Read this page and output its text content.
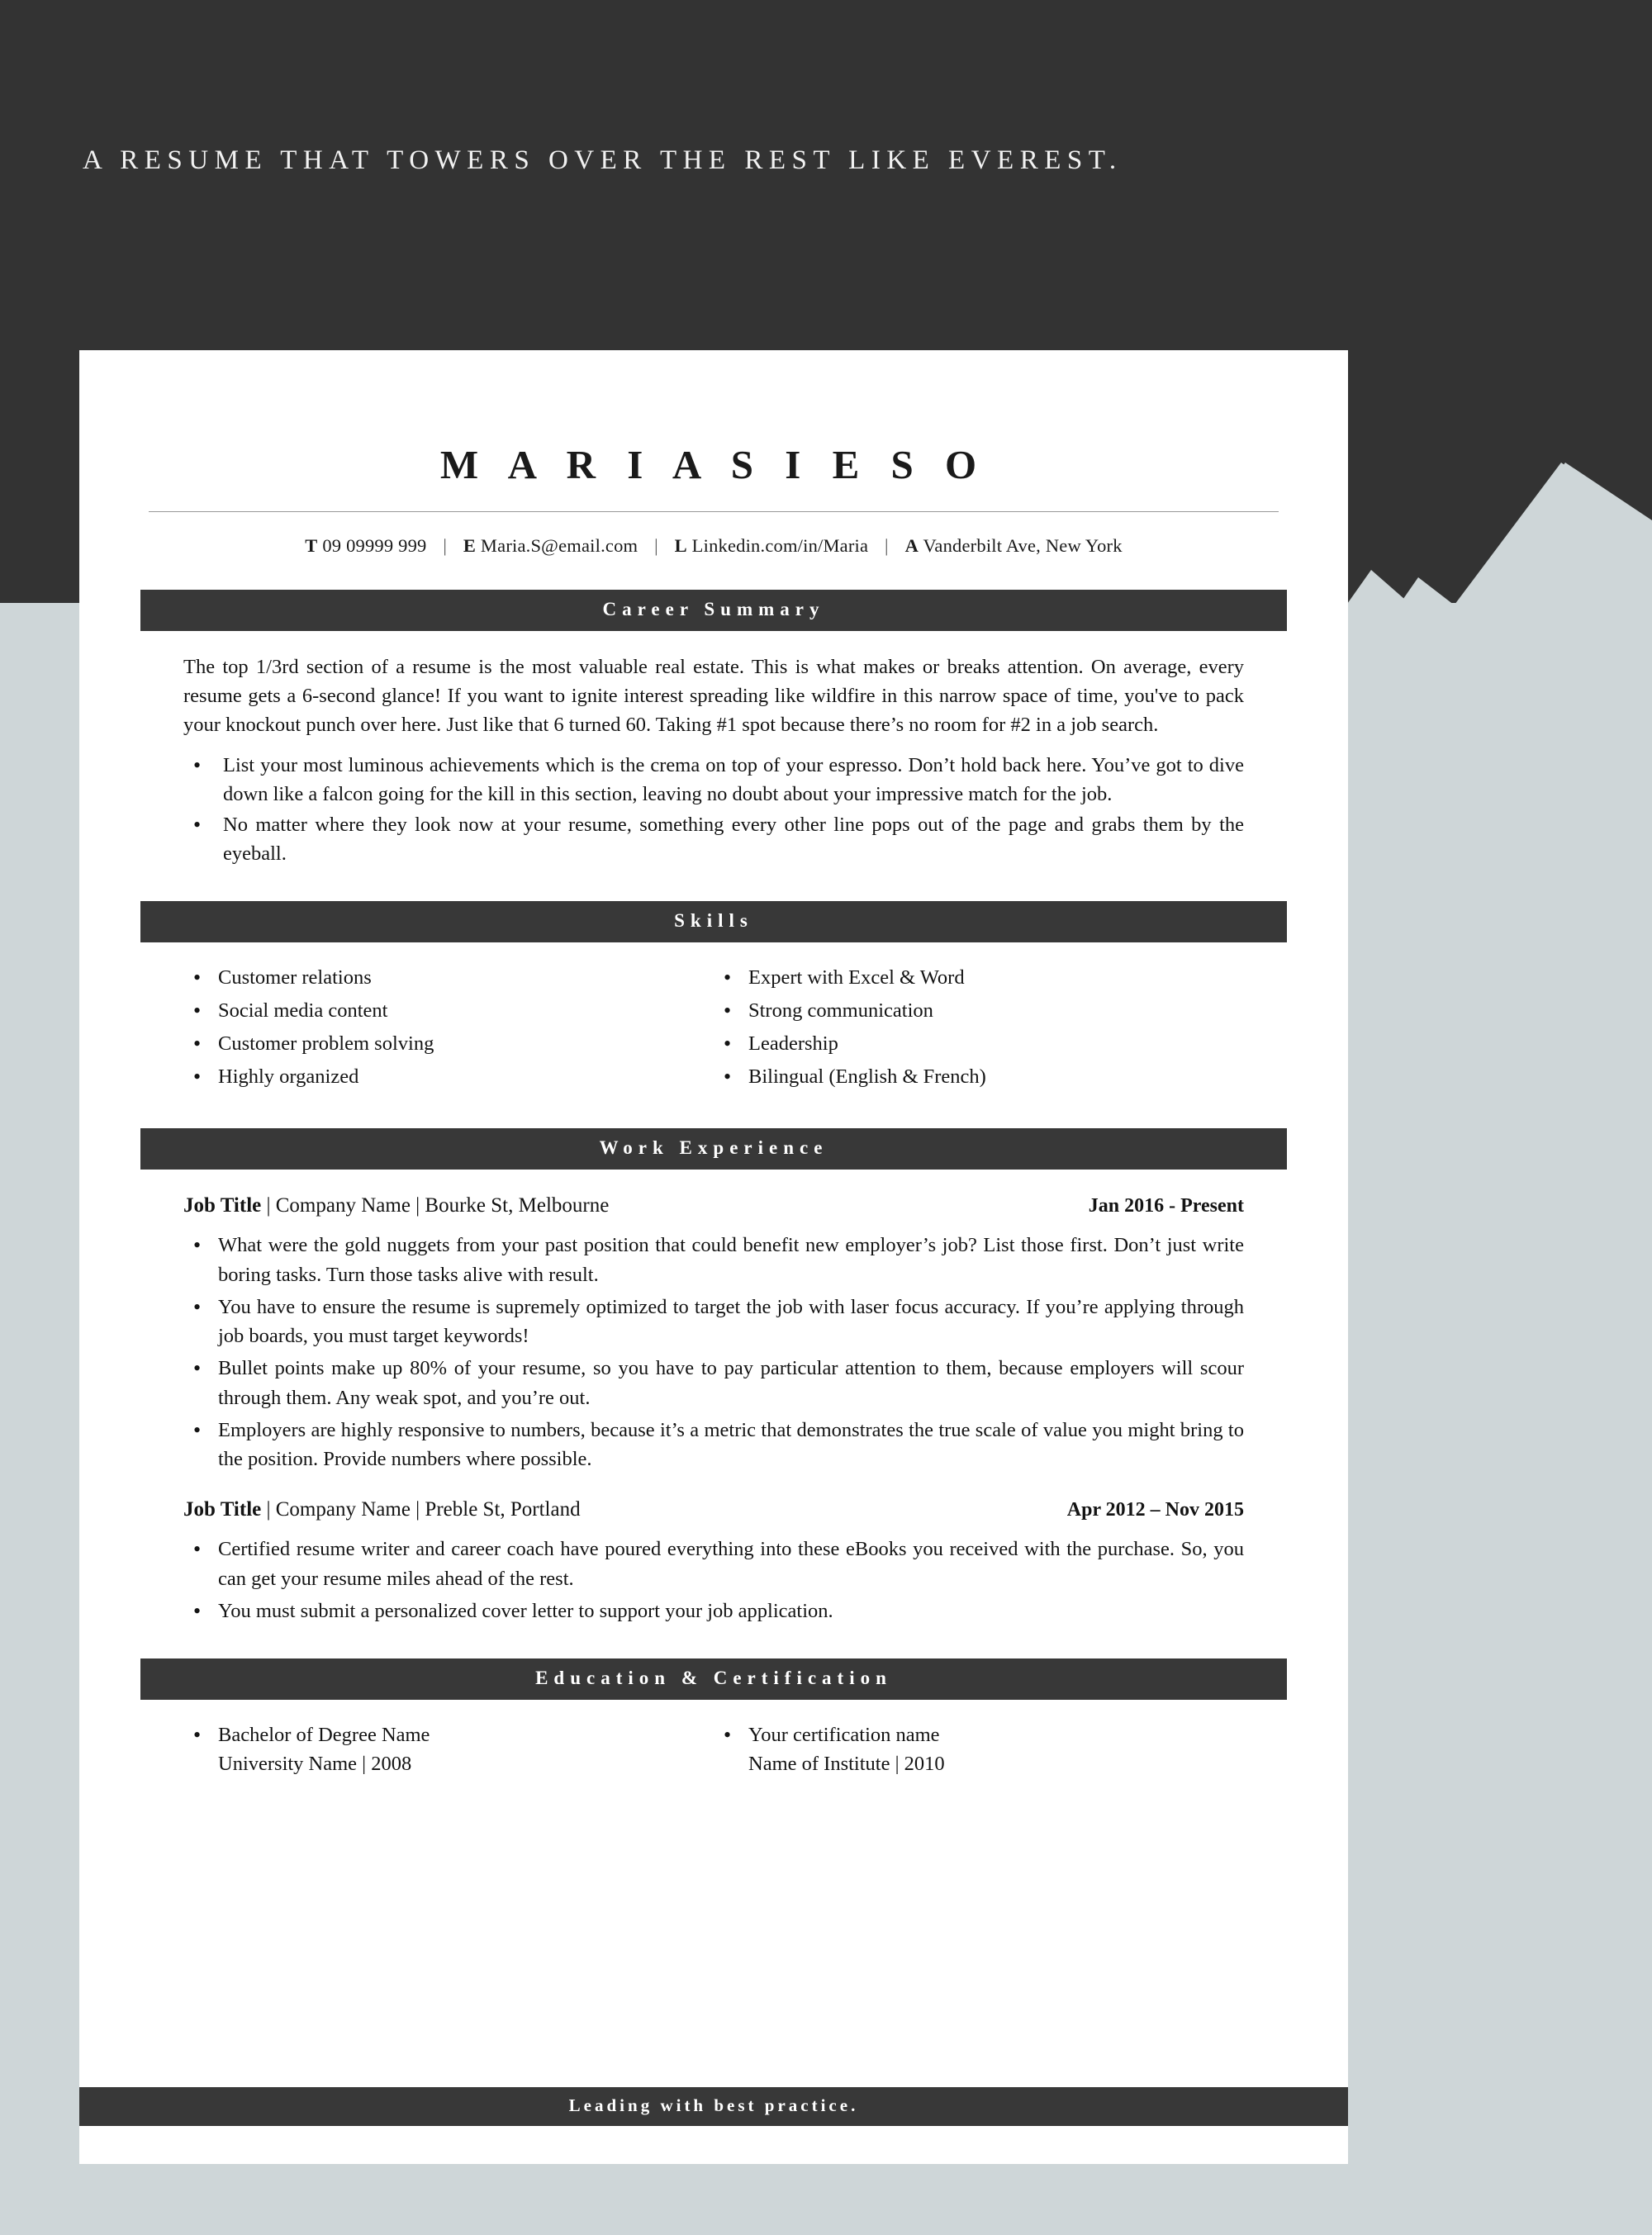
A RESUME THAT TOWERS OVER THE REST LIKE EVEREST.
M A R I A S I E S O
T 09 09999 999 | E Maria.S@email.com | L Linkedin.com/in/Maria | A Vanderbilt Ave, New York
Career Summary
The top 1/3rd section of a resume is the most valuable real estate. This is what makes or breaks attention. On average, every resume gets a 6-second glance! If you want to ignite interest spreading like wildfire in this narrow space of time, you've to pack your knockout punch over here. Just like that 6 turned 60. Taking #1 spot because there’s no room for #2 in a job search.
• List your most luminous achievements which is the crema on top of your espresso. Don’t hold back here. You’ve got to dive down like a falcon going for the kill in this section, leaving no doubt about your impressive match for the job.
• No matter where they look now at your resume, something every other line pops out of the page and grabs them by the eyeball.
Skills
• Customer relations
• Social media content
• Customer problem solving
• Highly organized
• Expert with Excel & Word
• Strong communication
• Leadership
• Bilingual (English & French)
Work Experience
Job Title | Company Name | Bourke St, Melbourne	Jan 2016 - Present
• What were the gold nuggets from your past position that could benefit new employer’s job? List those first. Don’t just write boring tasks. Turn those tasks alive with result.
• You have to ensure the resume is supremely optimized to target the job with laser focus accuracy. If you’re applying through job boards, you must target keywords!
• Bullet points make up 80% of your resume, so you have to pay particular attention to them, because employers will scour through them. Any weak spot, and you’re out.
• Employers are highly responsive to numbers, because it’s a metric that demonstrates the true scale of value you might bring to the position. Provide numbers where possible.
Job Title | Company Name | Preble St, Portland	Apr 2012 – Nov 2015
• Certified resume writer and career coach have poured everything into these eBooks you received with the purchase. So, you can get your resume miles ahead of the rest.
• You must submit a personalized cover letter to support your job application.
Education & Certification
• Bachelor of Degree Name
University Name | 2008
• Your certification name
Name of Institute | 2010
Leading with best practice.
